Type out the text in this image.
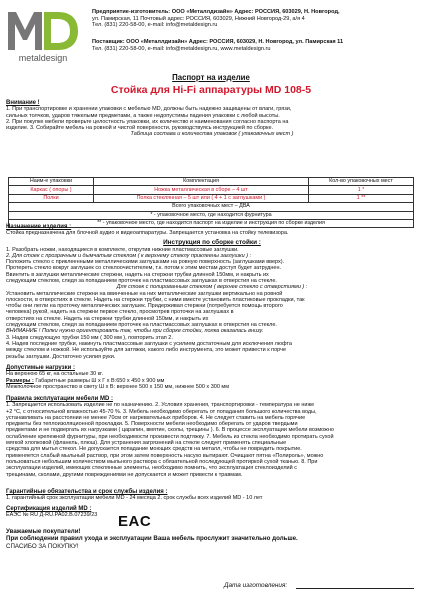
metaldesign
Предприятие-изготовитель: ООО «Металлдизайн» Адрес: РОССИЯ, 603029, Н. Новгород,
ул. Памирская, 11 Почтовый адрес: РОССИЯ, 603029, Нижний Новгород-29, а/я 4
Тел. (831) 220-58-00, e-mail: info@metaldesign.ru
Поставщик: ООО «Металлдизайн» Адрес: РОССИЯ, 603029, Н. Новгород, ул. Памирская 11
Тел. (831) 220-58-00, e-mail: info@metaldesign.ru, www.metaldesign.ru
Паспорт на изделие
Стойка для Hi-Fi аппаратуры MD 108-5
Внимание !
1. При транспортировке и хранении упаковки с мебелью MD, должны быть надежно защищены от влаги, грязи,
сильных толчков, ударов тяжелыми предметами, а также недопустимы падения упаковки с любой высоты.
2. При покупке мебели проверьте целостность упаковки, их количество и наименования согласно паспорта на
изделие. 3. Собирайте мебель на ровной и чистой поверхности, руководствуясь инструкцией по сборке.
Таблица состава и количества упаковок ( упаковочных мест )
Наим-е упаковки	Комплектация	Кол-во упаковочных мест
Каркас ( опоры )	Ножка металлическая в сборе – 4 шт	1 *
Полки	Полка стеклянная – 5 шт или ( 4 + 1 с заглушками )	1 **
Всего упаковочных мест – ДВА		
* - упаковочное место, где находится фурнитура		
** - упаковочное место, где находится паспорт на изделие и инструкция по сборке изделия		
Назначение изделия :
Стойка предназначена для блочной аудио и видеоаппаратуры. Запрещается установка на стойку телевизора.
Инструкция по сборке стойки :
1. Разобрать ножки, находящиеся в комплекте, открутив нижние пластмассовые заглушки.
2. Для стоек с прозрачным и дымчатым стеклом ( к верхнему стеклу приклеены заглушки ) :
Положить стекло с приклеенными металлическими заглушками на ровную поверхность (заглушками вверх).
Протереть стекло вокруг заглушек со стеклоочистителем, т.к. потом к этим местам доступ будет затруднен.
Ввинтить в заглушки металлические стержни, надеть на стержни трубки длинной 150мм, и накрыть их
следующим стеклом, следя за попаданием проточек на пластмассовых заглушках в отверстия на стекле.
Для стоек с полированным стеклом ( верхнее стекло с отверстиями ) :
Установить металлические стержни на ввинченные на них металлические заглушки вертикально на ровной
плоскости, в отверстиях в стекле. Надеть на стержни трубки, с ними вместе установить пластиковые прокладки, так
чтобы они легли на проточку металлических заглушек. Придерживая стержни (потребуется помощь второго
человека) рукой, надеть на стержни первое стекло, просмотрев проточки на заглушках в
отверстиях на стекле. Надеть на стержни трубки длинной 150мм, и накрыть их
следующим стеклом, следя за попаданием проточек на пластмассовых заглушках в отверстия на стекле.
ВНИМАНИЕ ! Полки нужно ориентировать так, чтобы при сборке стойки, полка оказалась внизу.
3. Надев следующую трубки 150 мм ( 300 мм ), повторить этап 2.
4. Надев последние трубки, накинуть пластмассовые заглушки с усилием достаточным для исключения люфта
между стеклом и ножкой. Не используйте для затяжки, какого либо инструмента, это может привести к порче
резьбы заглушки. Достаточно усилия руки.
Допустимые нагрузки :
На верхнюю 65 кг, на остальные 30 кг.
Размеры : Габаритные размеры Ш х Г х В:650 х 450 х 900 мм
Межполочное пространство в свету Ш х В: верхнее 500 х 150 мм, нижнее 500 х 300 мм
Правила эксплуатации мебели MD :
1. Запрещается использовать изделие не по назначению. 2. Условия хранения, транспортировки - температура не ниже
+2 °С, с относительной влажностью 45-70 %. 3. Мебель необходимо оберегать от попадания большого количества воды,
устанавливать на расстоянии не менее 70см от нагревательных приборов. 4. Не следует ставить на мебель горячие
предметы без теплоизоляционной прокладки. 5. Поверхности мебели необходимо оберегать от ударов твердыми
предметами и не подвергать их нагрузками ( царапин, вмятин, сколы, трещины ). 6. В процессе эксплуатации мебели возможно
ослабление крепежной фурнитуры, при необходимости произвести подтяжку. 7. Мебель из стекла необходимо протирать сухой
мягкой хлопковой (фланель, плюш). Для устранения загрязнений на стекле следует применять специальные
средства для мытья стекол. Не допускается попадание моющих средств на металл, чтобы не повредить покрытие.
применяется слабый мыльный раствор, при этом затем поверхность насухо вытирают. Очищают пятна «Полироль», можно
пользоваться небольшим количеством мыльного раствора с обязательной последующей протиркой сухой тканью. 8. При
эксплуатации изделий, имеющих стеклянные элементы, необходимо помнить, что эксплуатация стеклоизделий с
трещинами, сколами, другими повреждениями не допускается и может привести к травмам.
Гарантийные обязательства и срок службы изделия :
1. гарантийный срок эксплуатации мебели MD - 24 месяца 2. срок службы всех изделий MD - 10 лет
Сертификация изделий MD :
ЕАЭС № RU Д-RU.PA02.B.07239/23	EAC
Уважаемые покупатели!
При соблюдении правил ухода и эксплуатации Ваша мебель прослужит значительно дольше.
СПАСИБО ЗА ПОКУПКУ!
Дата изготовления:
